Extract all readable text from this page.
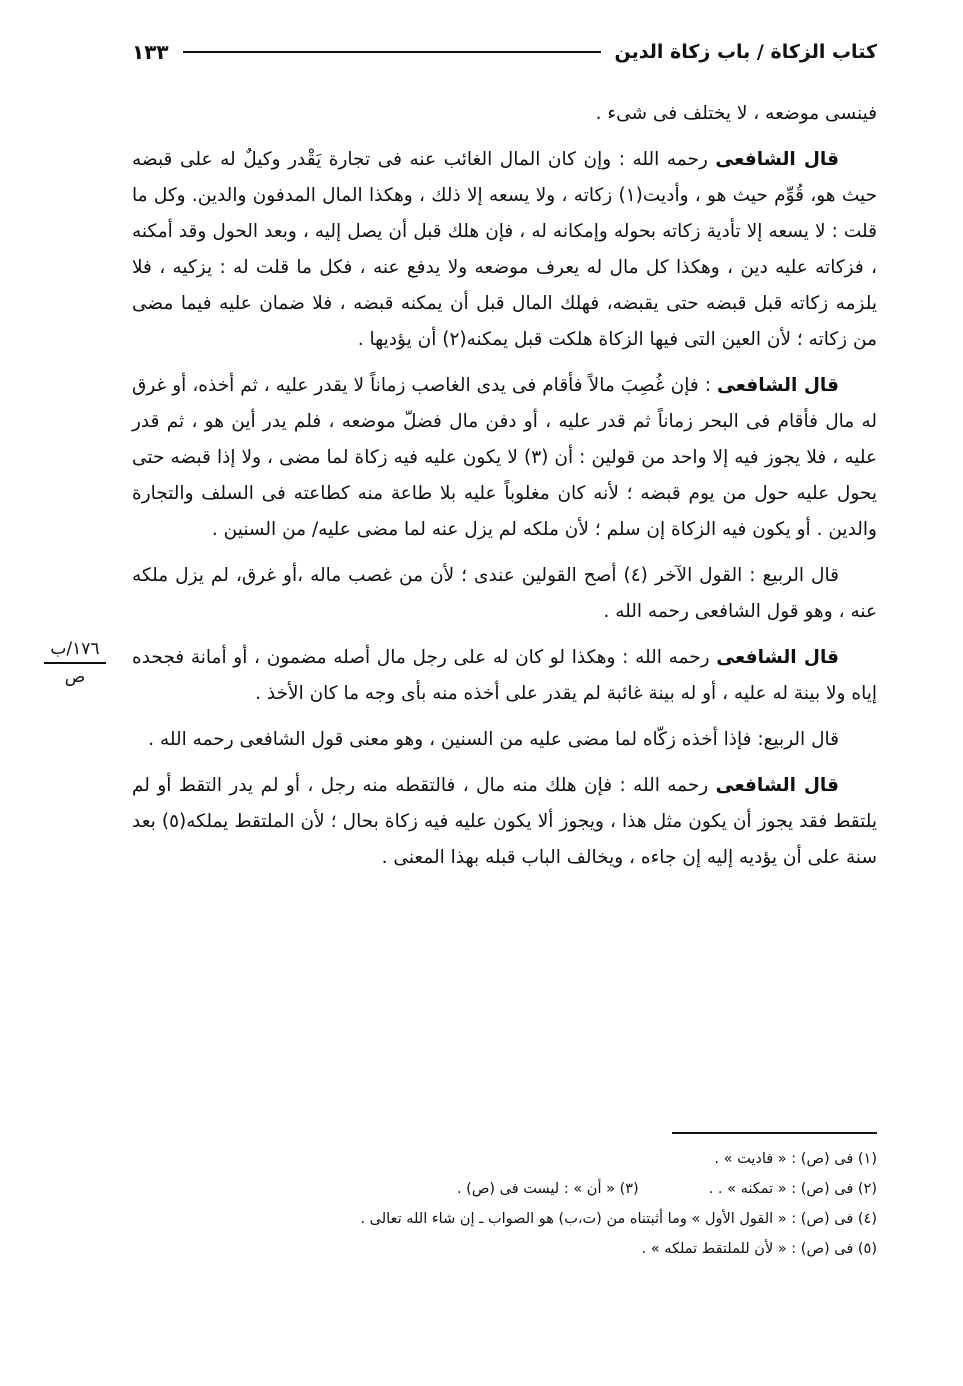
كتاب الزكاة / باب زكاة الدين
١٣٣

فينسى موضعه ، لا يختلف فى شىء .

قال الشافعى رحمه الله : وإن كان المال الغائب عنه فى تجارة يَقْدر وكيلٌ له على قبضه حيث هو، قُوِّم حيث هو ، وأديت(١) زكاته ، ولا يسعه إلا ذلك ، وهكذا المال المدفون والدين. وكل ما قلت : لا يسعه إلا تأدية زكاته بحوله وإمكانه له ، فإن هلك قبل أن يصل إليه ، وبعد الحول وقد أمكنه ، فزكاته عليه دين ، وهكذا كل مال له يعرف موضعه ولا يدفع عنه ، فكل ما قلت له : يزكيه ، فلا يلزمه زكاته قبل قبضه حتى يقبضه، فهلك المال قبل أن يمكنه قبضه ، فلا ضمان عليه فيما مضى من زكاته ؛ لأن العين التى فيها الزكاة هلكت قبل يمكنه(٢) أن يؤديها .

قال الشافعى : فإن غُصِبَ مالاً فأقام فى يدى الغاصب زماناً لا يقدر عليه ، ثم أخذه، أو غرق له مال فأقام فى البحر زماناً ثم قدر عليه ، أو دفن مال فضلّ موضعه ، فلم يدر أين هو ، ثم قدر عليه ، فلا يجوز فيه إلا واحد من قولين : أن (٣) لا يكون عليه فيه زكاة لما مضى ، ولا إذا قبضه حتى يحول عليه حول من يوم قبضه ؛ لأنه كان مغلوباً عليه بلا طاعة منه كطاعته فى السلف والتجارة والدين . أو يكون فيه الزكاة إن سلم ؛ لأن ملكه لم يزل عنه لما مضى عليه/ من السنين .

قال الربيع : القول الآخر (٤) أصح القولين عندى ؛ لأن من غصب ماله ،أو غرق، لم يزل ملكه عنه ، وهو قول الشافعى رحمه الله .

قال الشافعى رحمه الله : وهكذا لو كان له على رجل مال أصله مضمون ، أو أمانة فجحده إياه ولا بينة له عليه ، أو له بينة غائبة لم يقدر على أخذه منه بأى وجه ما كان الأخذ .

قال الربيع: فإذا أخذه زكّاه لما مضى عليه من السنين ، وهو معنى قول الشافعى رحمه الله .

قال الشافعى رحمه الله : فإن هلك منه مال ، فالتقطه منه رجل ، أو لم يدر التقط أو لم يلتقط فقد يجوز أن يكون مثل هذا ، ويجوز ألا يكون عليه فيه زكاة بحال ؛ لأن الملتقط يملكه(٥) بعد سنة على أن يؤديه إليه إن جاءه ، ويخالف الباب قبله بهذا المعنى .

١٧٦/ب
ص
(١) فى (ص) : « فاديت » .
(٢) فى (ص) : « تمكنه » . .
(٣) « أن » : ليست فى (ص) .
(٤) فى (ص) : « القول الأول » وما أثبتناه من (ت،ب) هو الصواب ـ إن شاء الله تعالى .
(٥) فى (ص) : « لأن للملتقط تملكه » .
